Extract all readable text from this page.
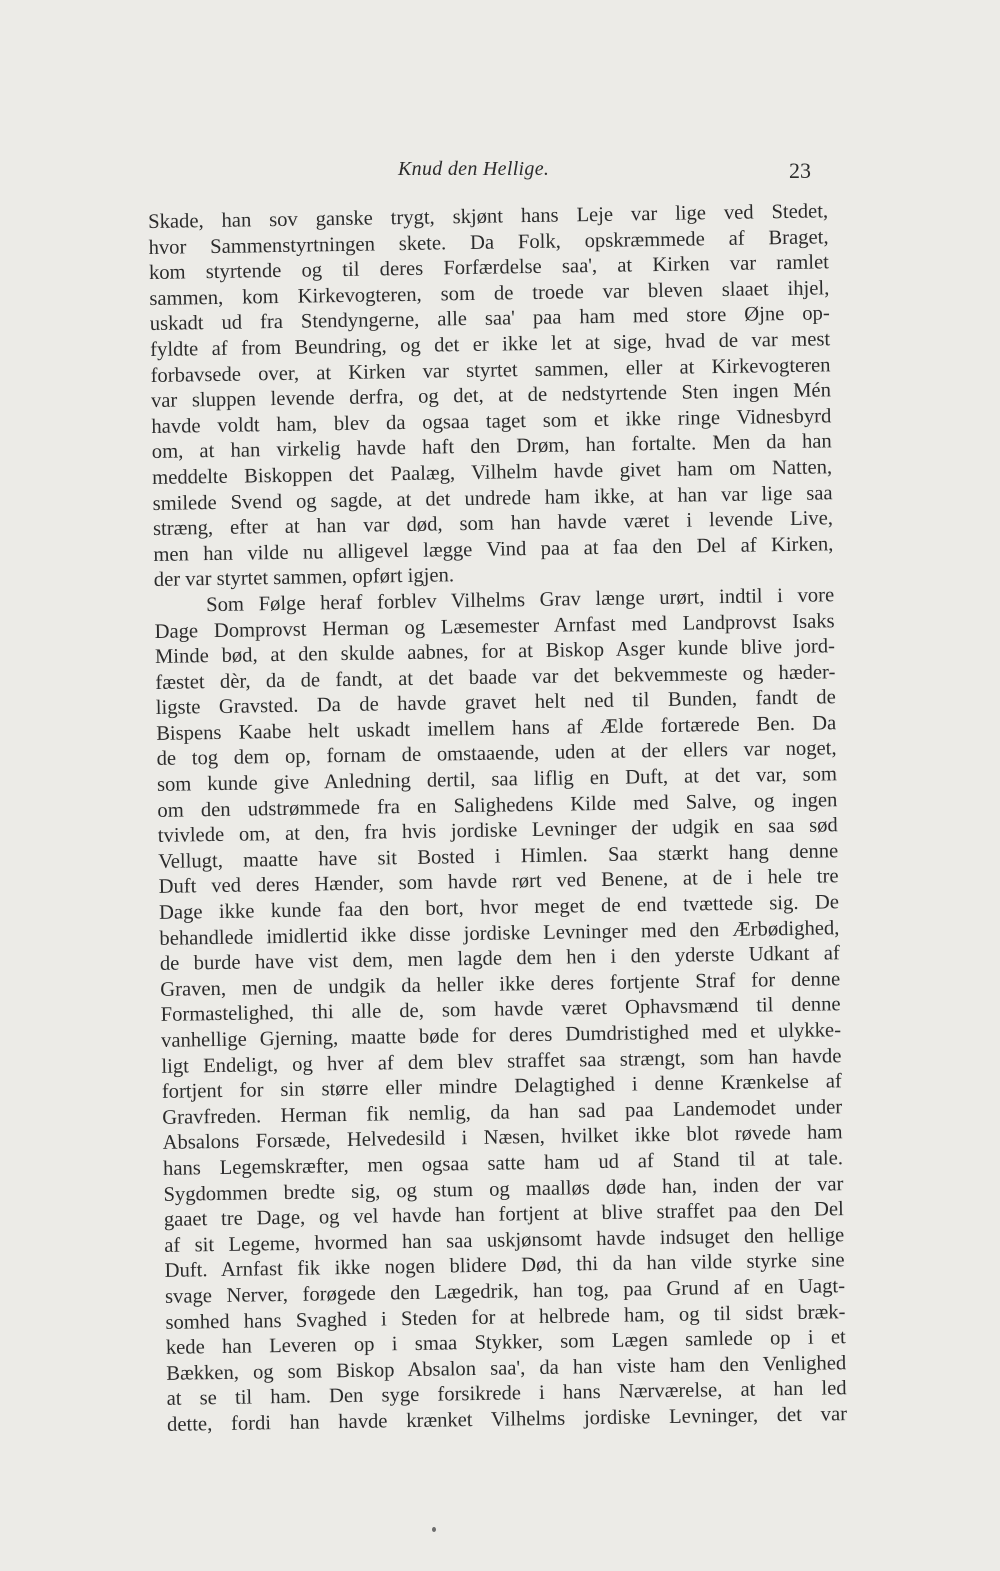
Knud den Hellige.	23
Skade, han sov ganske trygt, skjønt hans Leje var lige ved Stedet,
hvor Sammenstyrtningen skete. Da Folk, opskræmmede af Braget,
kom styrtende og til deres Forfærdelse saa', at Kirken var ramlet
sammen, kom Kirkevogteren, som de troede var bleven slaaet ihjel,
uskadt ud fra Stendyngerne, alle saa' paa ham med store Øjne op-
fyldte af from Beundring, og det er ikke let at sige, hvad de var mest
forbavsede over, at Kirken var styrtet sammen, eller at Kirkevogteren
var sluppen levende derfra, og det, at de nedstyrtende Sten ingen Mén
havde voldt ham, blev da ogsaa taget som et ikke ringe Vidnesbyrd
om, at han virkelig havde haft den Drøm, han fortalte. Men da han
meddelte Biskoppen det Paalæg, Vilhelm havde givet ham om Natten,
smilede Svend og sagde, at det undrede ham ikke, at han var lige saa
stræng, efter at han var død, som han havde været i levende Live,
men han vilde nu alligevel lægge Vind paa at faa den Del af Kirken,
der var styrtet sammen, opført igjen.
Som Følge heraf forblev Vilhelms Grav længe urørt, indtil i vore
Dage Domprovst Herman og Læsemester Arnfast med Landprovst Isaks
Minde bød, at den skulde aabnes, for at Biskop Asger kunde blive jord-
fæstet dèr, da de fandt, at det baade var det bekvemmeste og hæder-
ligste Gravsted. Da de havde gravet helt ned til Bunden, fandt de
Bispens Kaabe helt uskadt imellem hans af Ælde fortærede Ben. Da
de tog dem op, fornam de omstaaende, uden at der ellers var noget,
som kunde give Anledning dertil, saa liflig en Duft, at det var, som
om den udstrømmede fra en Salighedens Kilde med Salve, og ingen
tvivlede om, at den, fra hvis jordiske Levninger der udgik en saa sød
Vellugt, maatte have sit Bosted i Himlen. Saa stærkt hang denne
Duft ved deres Hænder, som havde rørt ved Benene, at de i hele tre
Dage ikke kunde faa den bort, hvor meget de end tvættede sig. De
behandlede imidlertid ikke disse jordiske Levninger med den Ærbødighed,
de burde have vist dem, men lagde dem hen i den yderste Udkant af
Graven, men de undgik da heller ikke deres fortjente Straf for denne
Formastelighed, thi alle de, som havde været Ophavsmænd til denne
vanhellige Gjerning, maatte bøde for deres Dumdristighed med et ulykke-
ligt Endeligt, og hver af dem blev straffet saa strængt, som han havde
fortjent for sin større eller mindre Delagtighed i denne Krænkelse af
Gravfreden. Herman fik nemlig, da han sad paa Landemodet under
Absalons Forsæde, Helvedesild i Næsen, hvilket ikke blot røvede ham
hans Legemskræfter, men ogsaa satte ham ud af Stand til at tale.
Sygdommen bredte sig, og stum og maalløs døde han, inden der var
gaaet tre Dage, og vel havde han fortjent at blive straffet paa den Del
af sit Legeme, hvormed han saa uskjønsomt havde indsuget den hellige
Duft. Arnfast fik ikke nogen blidere Død, thi da han vilde styrke sine
svage Nerver, forøgede den Lægedrik, han tog, paa Grund af en Uagt-
somhed hans Svaghed i Steden for at helbrede ham, og til sidst bræk-
kede han Leveren op i smaa Stykker, som Lægen samlede op i et
Bækken, og som Biskop Absalon saa', da han viste ham den Venlighed
at se til ham. Den syge forsikrede i hans Nærværelse, at han led
dette, fordi han havde krænket Vilhelms jordiske Levninger, det var
